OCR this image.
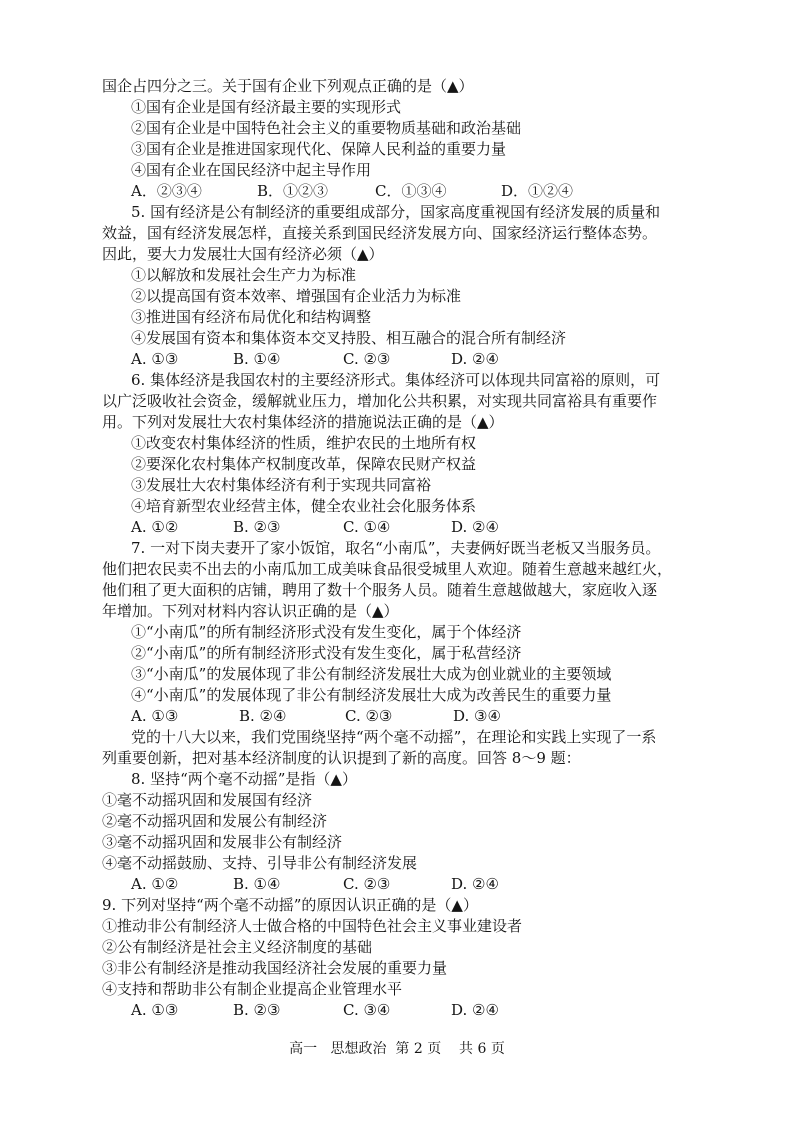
国企占四分之三。关于国有企业下列观点正确的是（▲）
①国有企业是国有经济最主要的实现形式
②国有企业是中国特色社会主义的重要物质基础和政治基础
③国有企业是推进国家现代化、保障人民利益的重要力量
④国有企业在国民经济中起主导作用
A．②③④	B．①②③	C．①③④	D．①②④
5. 国有经济是公有制经济的重要组成部分，国家高度重视国有经济发展的质量和
效益，国有经济发展怎样，直接关系到国民经济发展方向、国家经济运行整体态势。
因此，要大力发展壮大国有经济必须（▲）
①以解放和发展社会生产力为标准
②以提高国有资本效率、增强国有企业活力为标准
③推进国有经济布局优化和结构调整
④发展国有资本和集体资本交叉持股、相互融合的混合所有制经济
A. ①③	B. ①④	C. ②③	D. ②④
6. 集体经济是我国农村的主要经济形式。集体经济可以体现共同富裕的原则，可
以广泛吸收社会资金，缓解就业压力，增加化公共积累，对实现共同富裕具有重要作
用。下列对发展壮大农村集体经济的措施说法正确的是（▲）
①改变农村集体经济的性质，维护农民的土地所有权
②要深化农村集体产权制度改革，保障农民财产权益
③发展壮大农村集体经济有利于实现共同富裕
④培育新型农业经营主体，健全农业社会化服务体系
A. ①②	B. ②③	C. ①④	D. ②④
7. 一对下岗夫妻开了家小饭馆，取名“小南瓜”，夫妻俩好既当老板又当服务员。
他们把农民卖不出去的小南瓜加工成美味食品很受城里人欢迎。随着生意越来越红火，
他们租了更大面积的店铺，聘用了数十个服务人员。随着生意越做越大，家庭收入逐
年增加。下列对材料内容认识正确的是（▲）
①“小南瓜”的所有制经济形式没有发生变化，属于个体经济
②“小南瓜”的所有制经济形式没有发生变化，属于私营经济
③“小南瓜”的发展体现了非公有制经济发展壮大成为创业就业的主要领域
④“小南瓜”的发展体现了非公有制经济发展壮大成为改善民生的重要力量
A. ①③	B. ②④	C. ②③	D. ③④
党的十八大以来，我们党围绕坚持“两个毫不动摇”，在理论和实践上实现了一系
列重要创新，把对基本经济制度的认识提到了新的高度。回答 8～9 题：
8. 坚持“两个毫不动摇”是指（▲）
①毫不动摇巩固和发展国有经济
②毫不动摇巩固和发展公有制经济
③毫不动摇巩固和发展非公有制经济
④毫不动摇鼓励、支持、引导非公有制经济发展
A. ①②	B. ①④	C. ②③	D. ②④
9. 下列对坚持“两个毫不动摇”的原因认识正确的是（▲）
①推动非公有制经济人士做合格的中国特色社会主义事业建设者
②公有制经济是社会主义经济制度的基础
③非公有制经济是推动我国经济社会发展的重要力量
④支持和帮助非公有制企业提高企业管理水平
A. ①③	B. ②③	C. ③④	D. ②④
高一   思想政治  第 2 页    共 6 页
